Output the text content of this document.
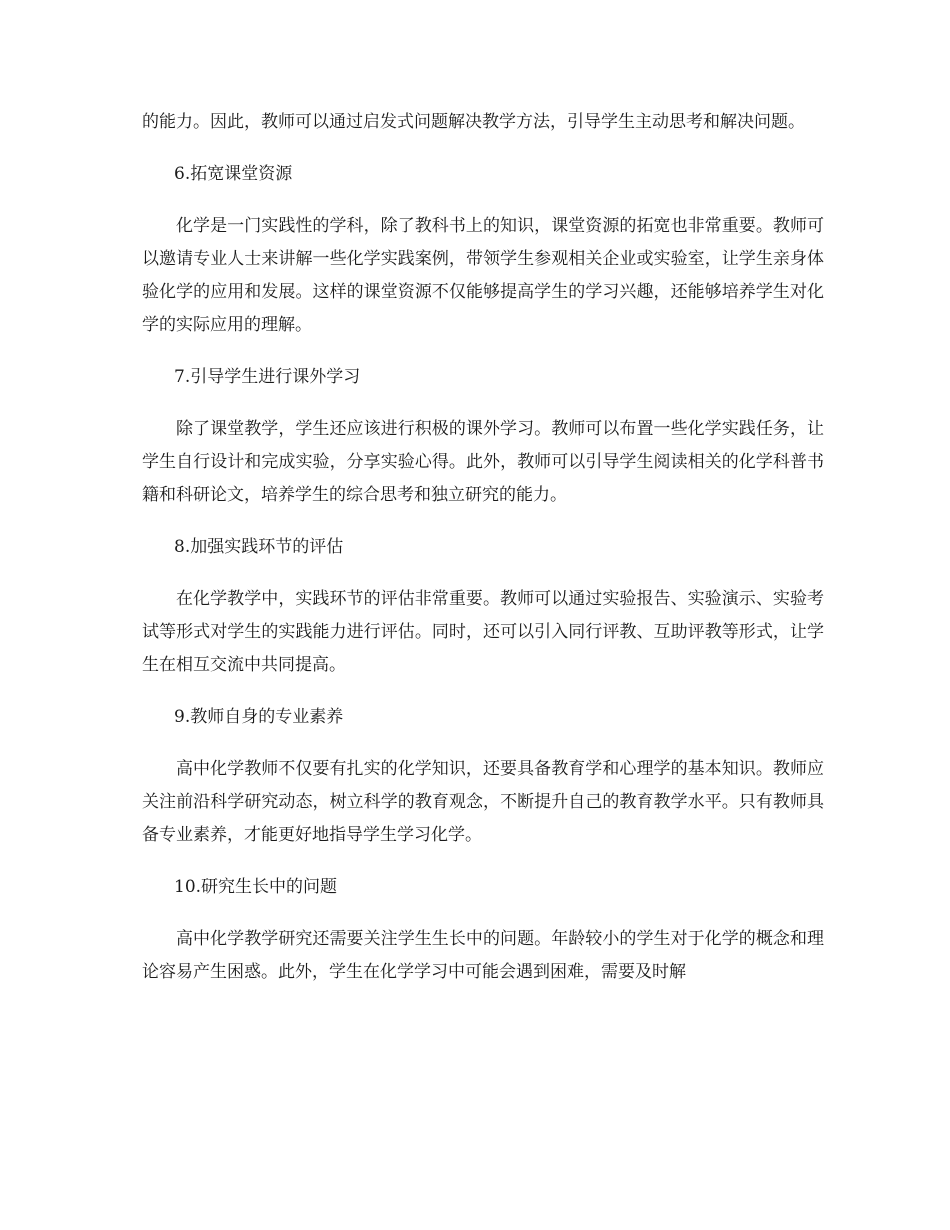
的能力。因此，教师可以通过启发式问题解决教学方法，引导学生主动思考和解决问题。

6.拓宽课堂资源

化学是一门实践性的学科，除了教科书上的知识，课堂资源的拓宽也非常重要。教师可以邀请专业人士来讲解一些化学实践案例，带领学生参观相关企业或实验室，让学生亲身体验化学的应用和发展。这样的课堂资源不仅能够提高学生的学习兴趣，还能够培养学生对化学的实际应用的理解。

7.引导学生进行课外学习

除了课堂教学，学生还应该进行积极的课外学习。教师可以布置一些化学实践任务，让学生自行设计和完成实验，分享实验心得。此外，教师可以引导学生阅读相关的化学科普书籍和科研论文，培养学生的综合思考和独立研究的能力。

8.加强实践环节的评估

在化学教学中，实践环节的评估非常重要。教师可以通过实验报告、实验演示、实验考试等形式对学生的实践能力进行评估。同时，还可以引入同行评教、互助评教等形式，让学生在相互交流中共同提高。

9.教师自身的专业素养

高中化学教师不仅要有扎实的化学知识，还要具备教育学和心理学的基本知识。教师应关注前沿科学研究动态，树立科学的教育观念，不断提升自己的教育教学水平。只有教师具备专业素养，才能更好地指导学生学习化学。

10.研究生长中的问题

高中化学教学研究还需要关注学生生长中的问题。年龄较小的学生对于化学的概念和理论容易产生困惑。此外，学生在化学学习中可能会遇到困难，需要及时解
